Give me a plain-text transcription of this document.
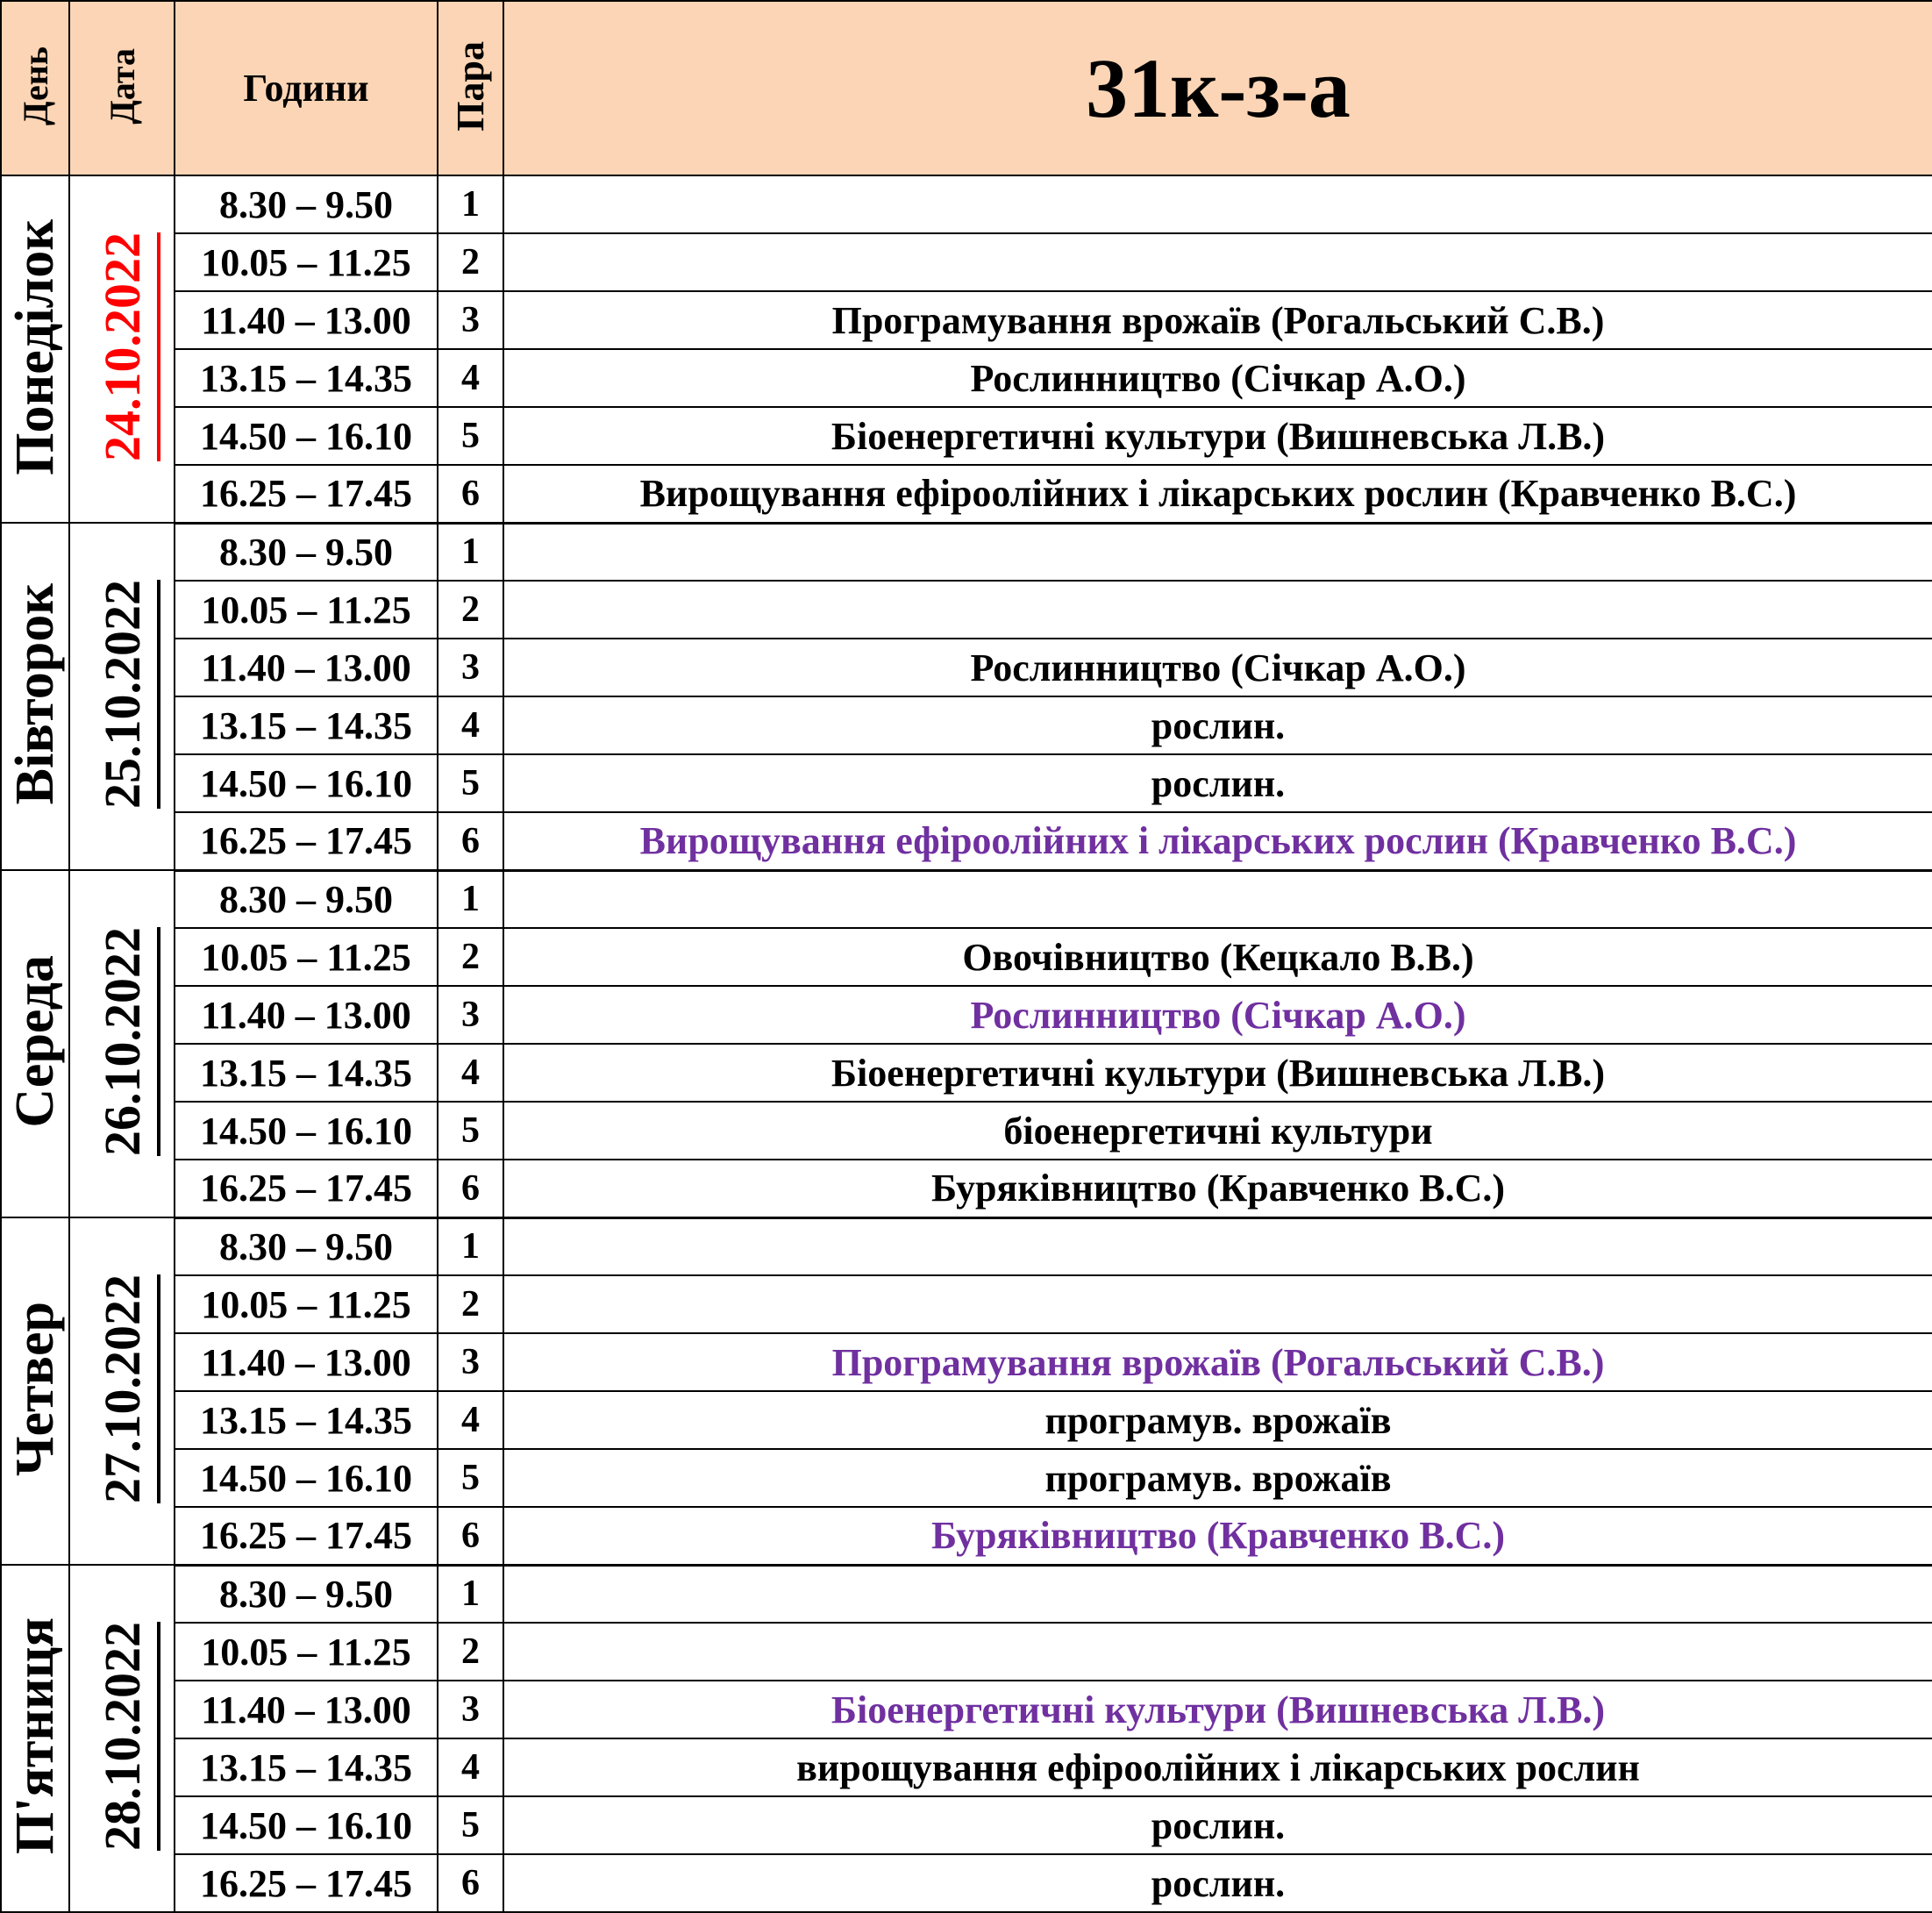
День	Дата	Години	Пара	31к-з-а
Понеділок	24.10.2022	8.30 – 9.50	1	
		10.05 – 11.25	2	
		11.40 – 13.00	3	Програмування врожаїв (Рогальський С.В.)
		13.15 – 14.35	4	Рослинництво (Січкар А.О.)
		14.50 – 16.10	5	Біоенергетичні культури (Вишневська Л.В.)
		16.25 – 17.45	6	Вирощування ефіроолійних і лікарських рослин (Кравченко В.С.)
Вівторок	25.10.2022	8.30 – 9.50	1	
		10.05 – 11.25	2	
		11.40 – 13.00	3	Рослинництво (Січкар А.О.)
		13.15 – 14.35	4	рослин.
		14.50 – 16.10	5	рослин.
		16.25 – 17.45	6	Вирощування ефіроолійних і лікарських рослин (Кравченко В.С.)
Середа	26.10.2022	8.30 – 9.50	1	
		10.05 – 11.25	2	Овочівництво (Кецкало В.В.)
		11.40 – 13.00	3	Рослинництво (Січкар А.О.)
		13.15 – 14.35	4	Біоенергетичні культури (Вишневська Л.В.)
		14.50 – 16.10	5	біоенергетичні культури
		16.25 – 17.45	6	Буряківництво (Кравченко В.С.)
Четвер	27.10.2022	8.30 – 9.50	1	
		10.05 – 11.25	2	
		11.40 – 13.00	3	Програмування врожаїв (Рогальський С.В.)
		13.15 – 14.35	4	програмув. врожаїв
		14.50 – 16.10	5	програмув. врожаїв
		16.25 – 17.45	6	Буряківництво (Кравченко В.С.)
П'ятниця	28.10.2022	8.30 – 9.50	1	
		10.05 – 11.25	2	
		11.40 – 13.00	3	Біоенергетичні культури (Вишневська Л.В.)
		13.15 – 14.35	4	вирощування ефіроолійних і лікарських рослин
		14.50 – 16.10	5	рослин.
		16.25 – 17.45	6	рослин.
